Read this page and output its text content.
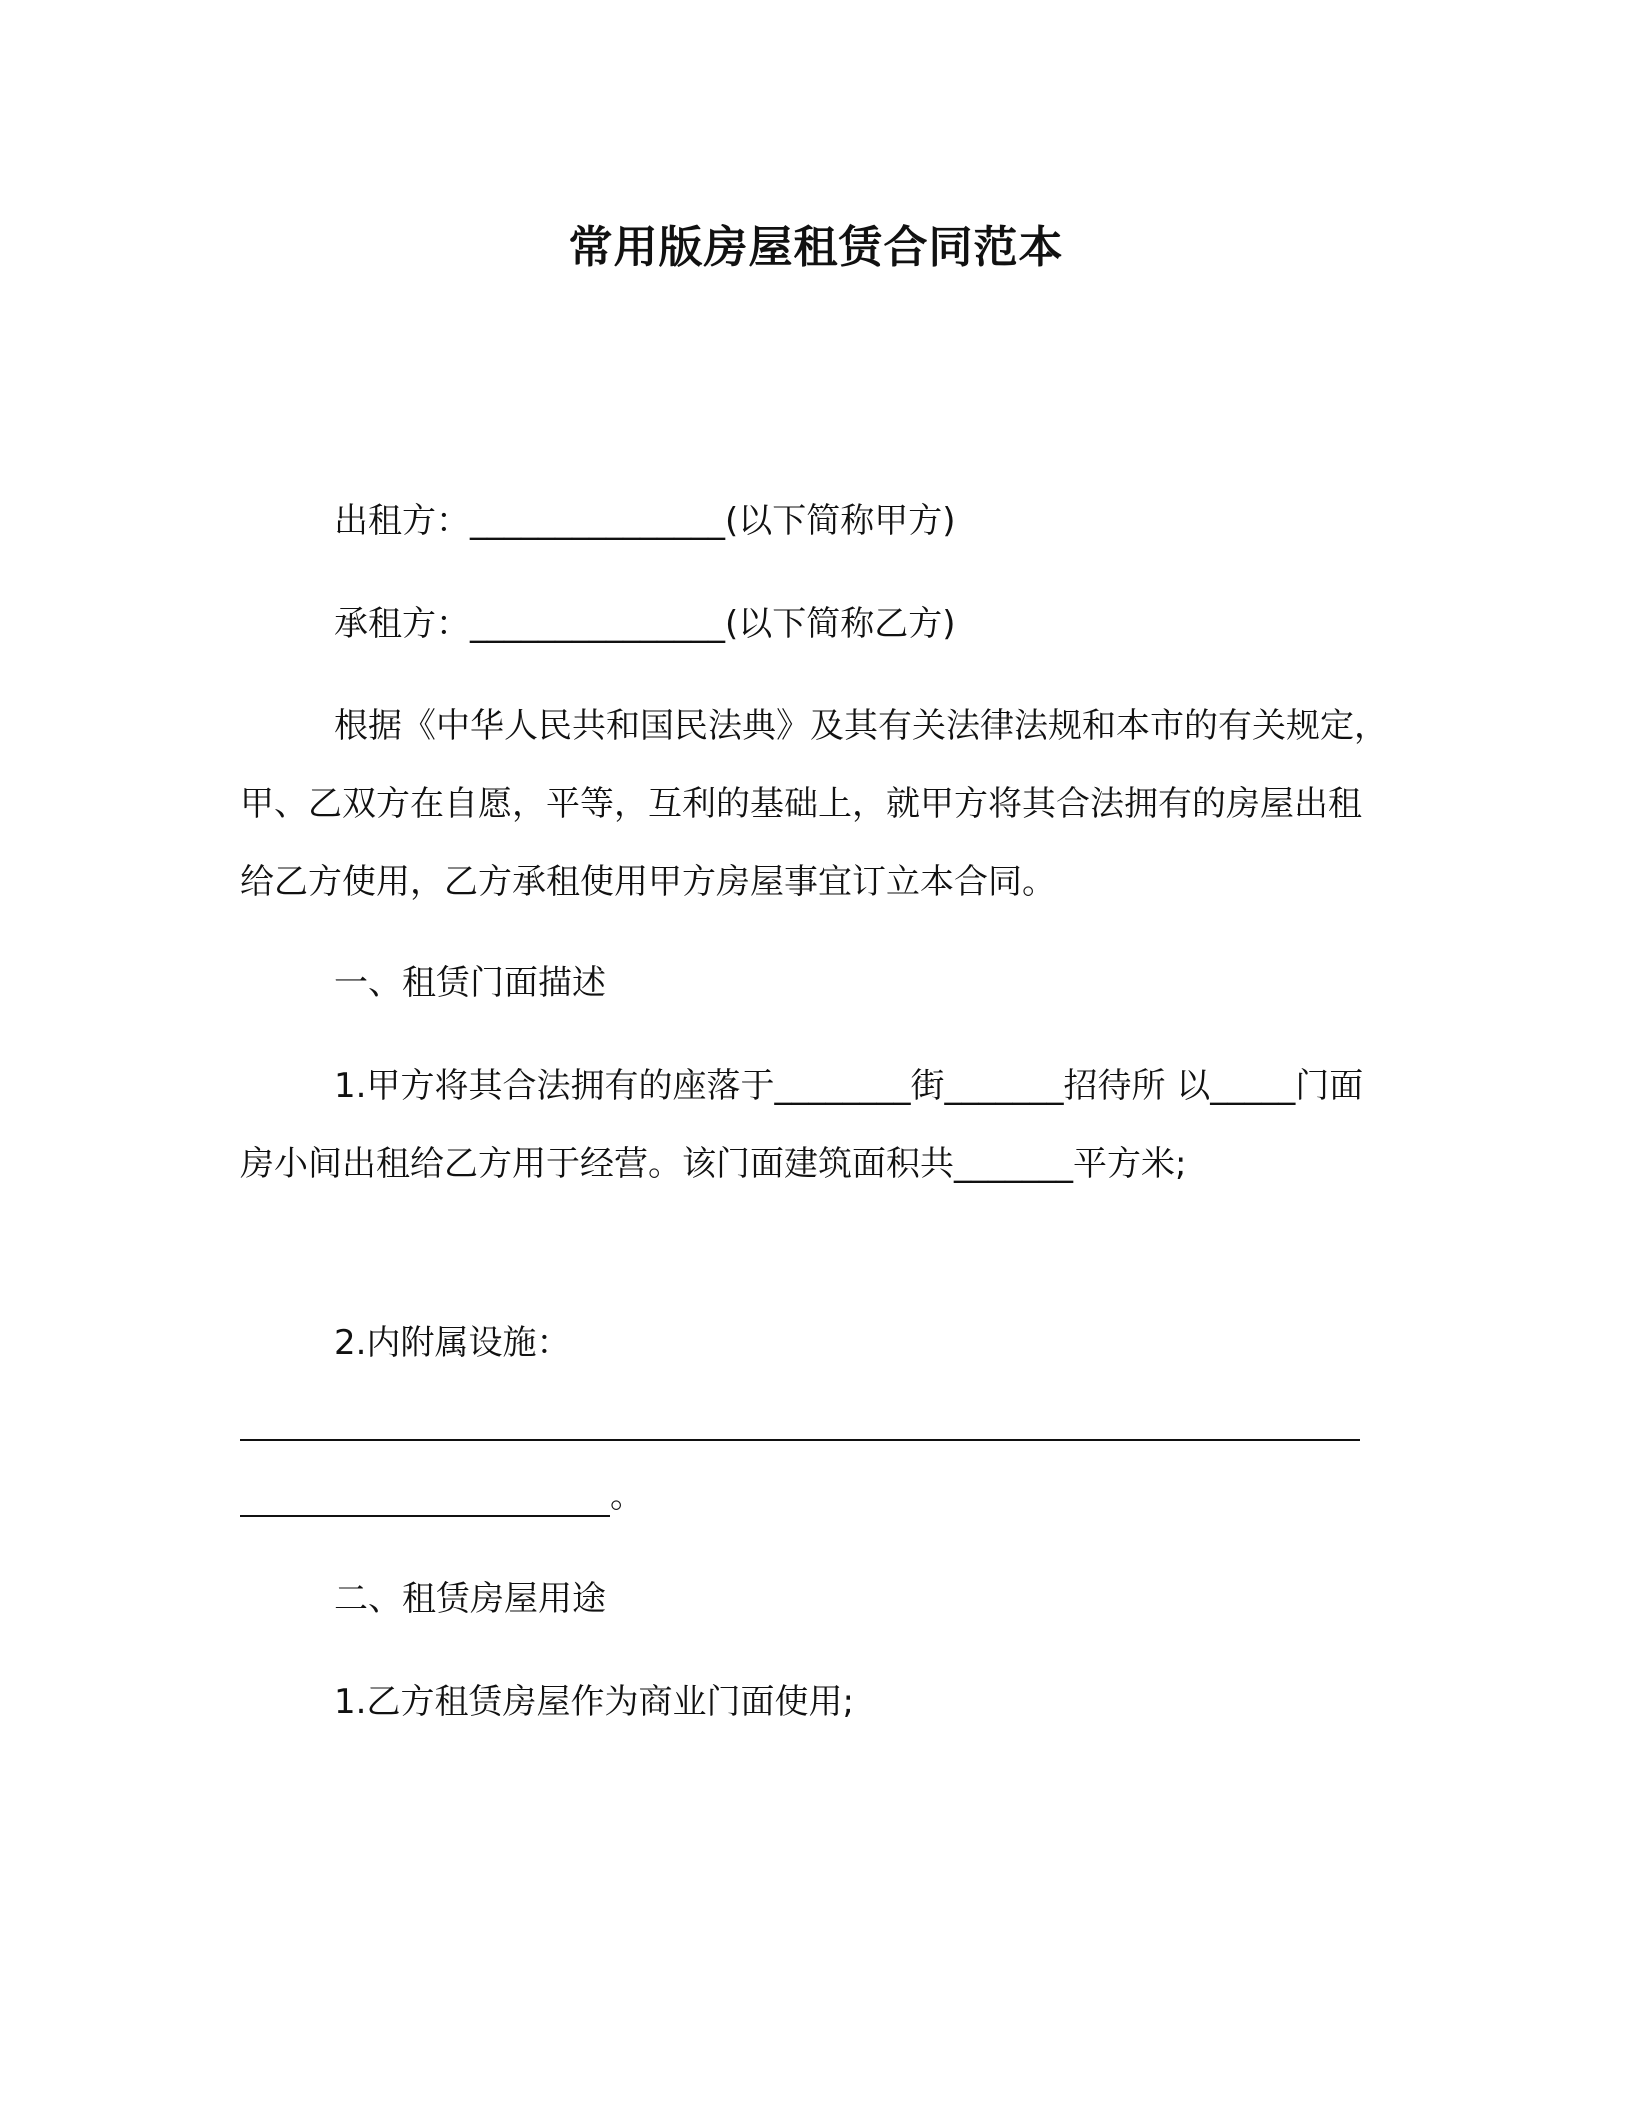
常用版房屋租赁合同范本
出租方：_______________(以下简称甲方)
承租方：_______________(以下简称乙方)
根据《中华人民共和国民法典》及其有关法律法规和本市的有关规定，甲、乙双方在自愿，平等，互利的基础上，就甲方将其合法拥有的房屋出租给乙方使用，乙方承租使用甲方房屋事宜订立本合同。
一、租赁门面描述
1.甲方将其合法拥有的座落于________街_______招待所 以_____门面房小间出租给乙方用于经营。该门面建筑面积共_______平方米;
2.内附属设施：
。
二、租赁房屋用途
1.乙方租赁房屋作为商业门面使用;
